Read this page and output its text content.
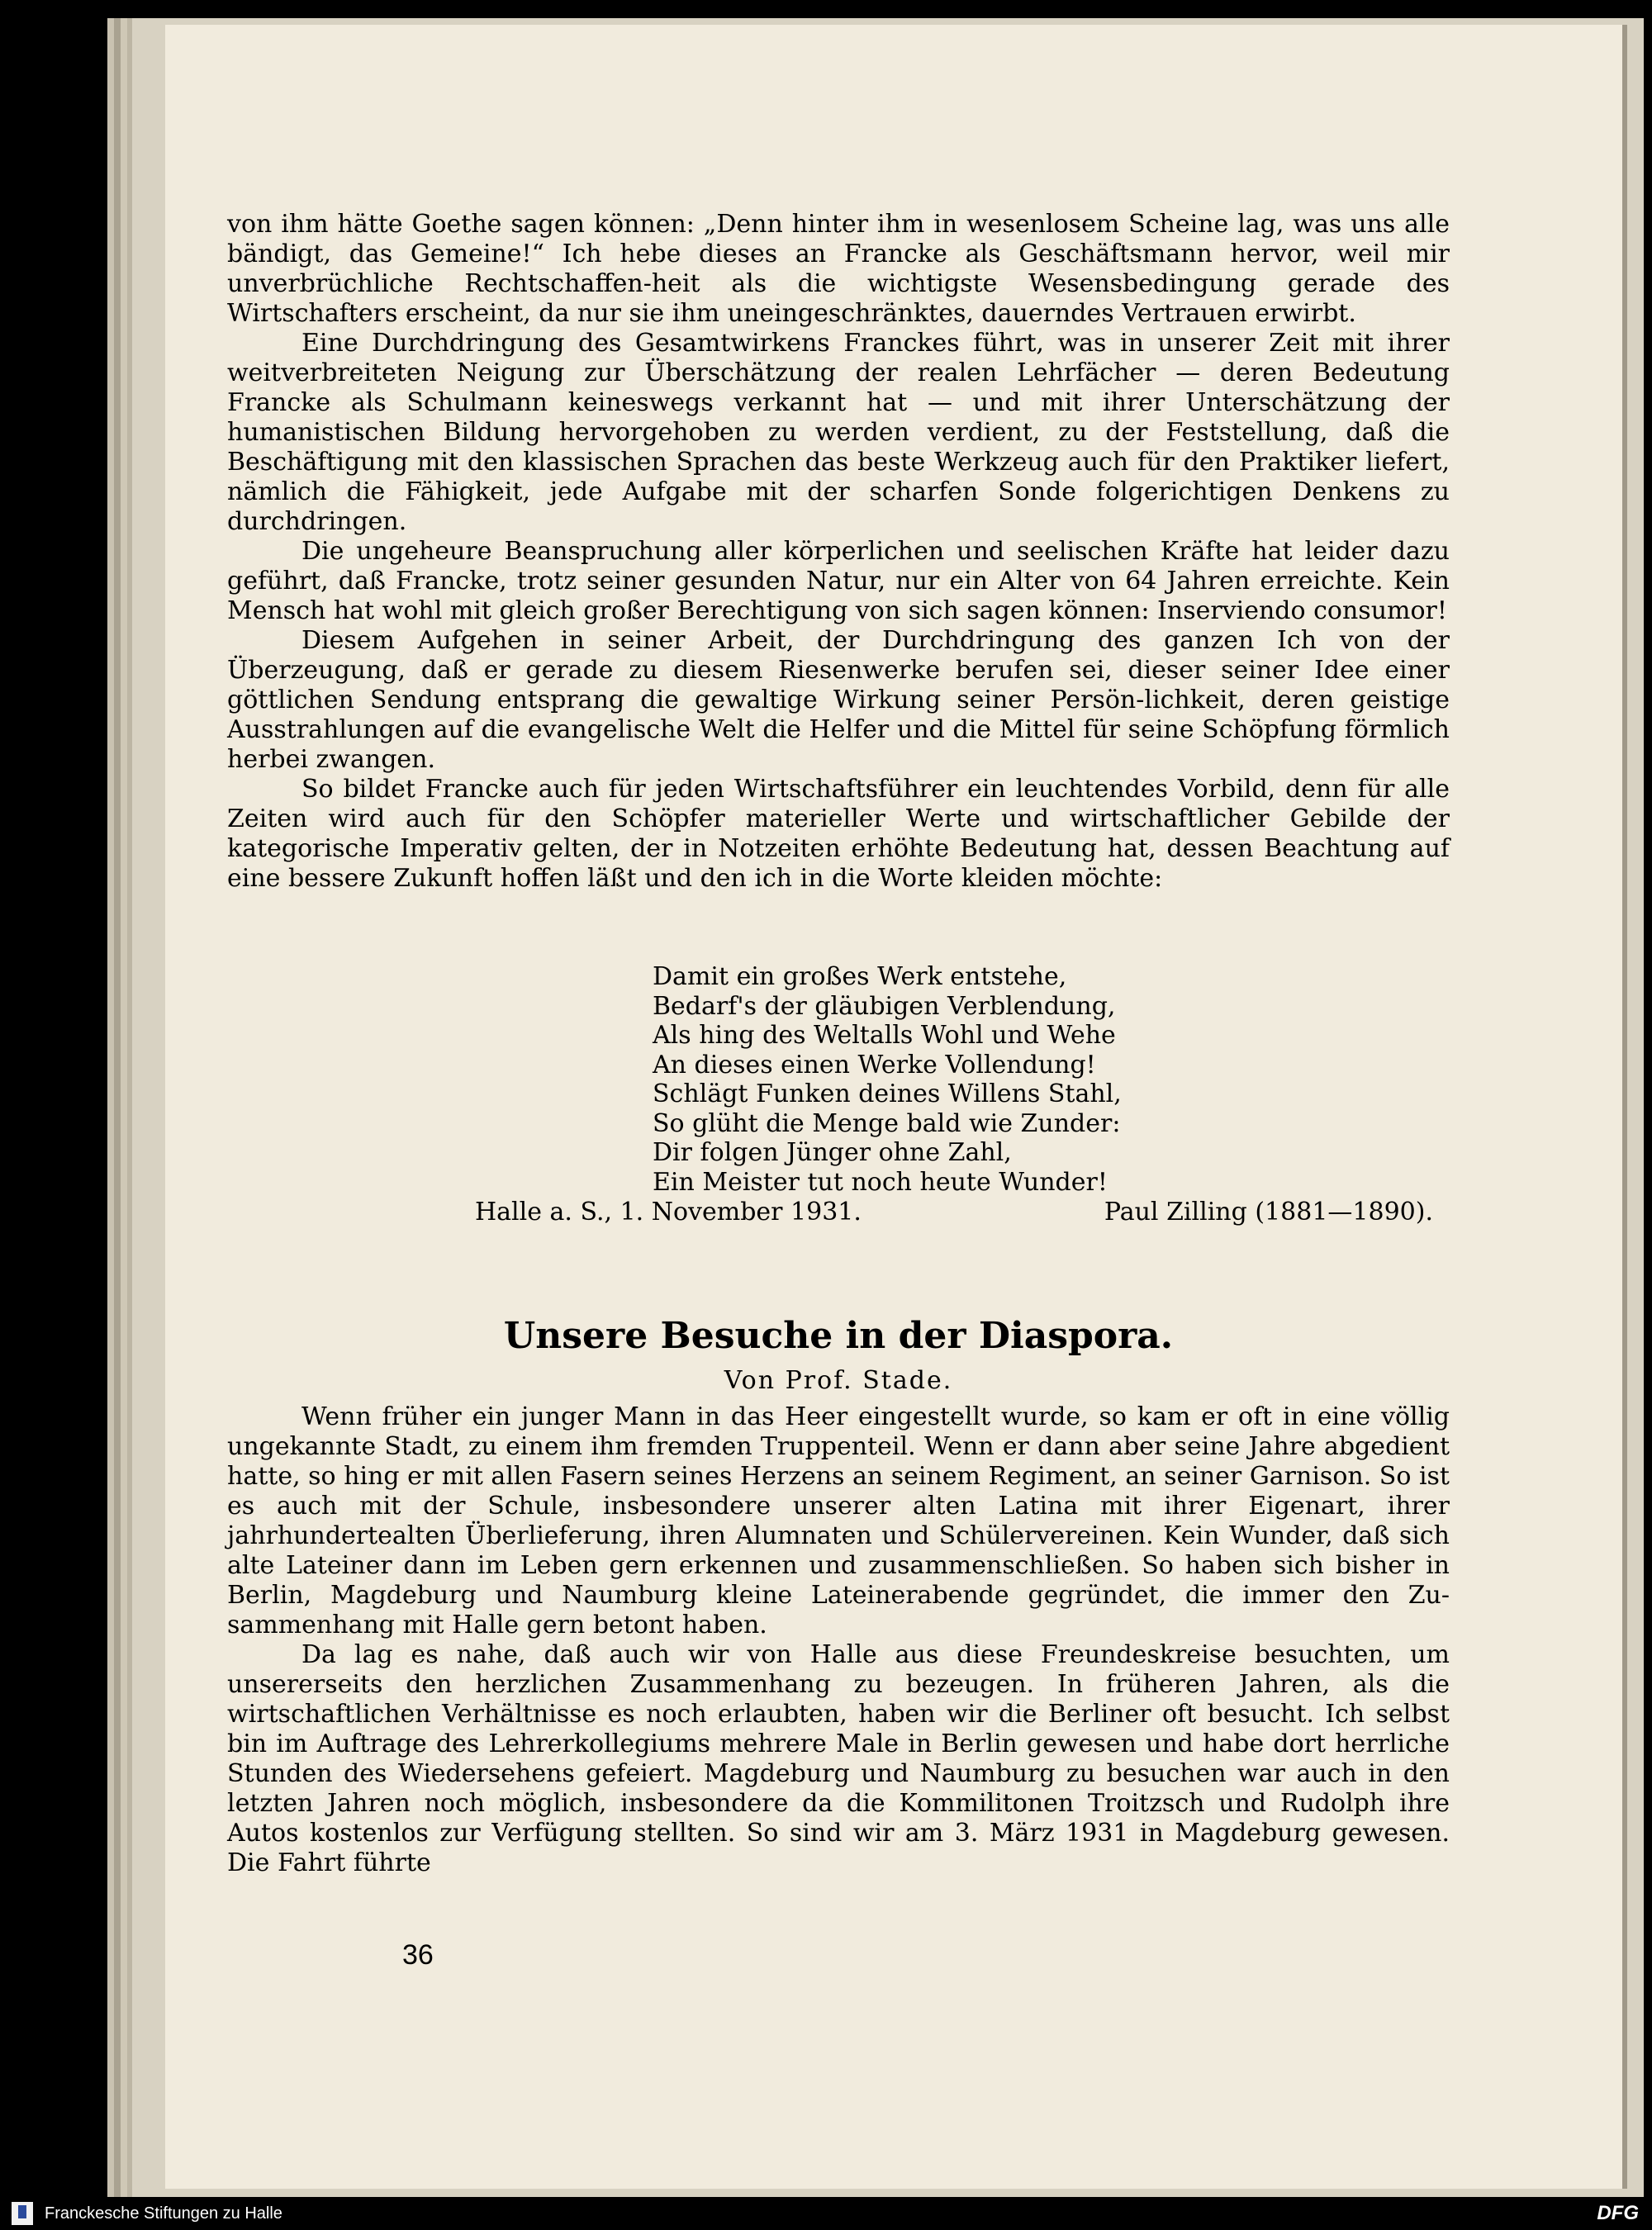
von ihm hätte Goethe sagen können: „Denn hinter ihm in wesenlosem Scheine lag, was uns alle bändigt, das Gemeine!“ Ich hebe dieses an Francke als Geschäftsmann hervor, weil mir unverbrüchliche Rechtschaffen-heit als die wichtigste Wesensbedingung gerade des Wirtschafters erscheint, da nur sie ihm uneingeschränktes, dauerndes Vertrauen erwirbt.

Eine Durchdringung des Gesamtwirkens Franckes führt, was in unserer Zeit mit ihrer weitverbreiteten Neigung zur Überschätzung der realen Lehrfächer — deren Bedeutung Francke als Schulmann keineswegs verkannt hat — und mit ihrer Unterschätzung der humanistischen Bildung hervorgehoben zu werden verdient, zu der Feststellung, daß die Beschäftigung mit den klassischen Sprachen das beste Werkzeug auch für den Praktiker liefert, nämlich die Fähigkeit, jede Aufgabe mit der scharfen Sonde folgerichtigen Denkens zu durchdringen.

Die ungeheure Beanspruchung aller körperlichen und seelischen Kräfte hat leider dazu geführt, daß Francke, trotz seiner gesunden Natur, nur ein Alter von 64 Jahren erreichte. Kein Mensch hat wohl mit gleich großer Berechtigung von sich sagen können: Inserviendo consumor!

Diesem Aufgehen in seiner Arbeit, der Durchdringung des ganzen Ich von der Überzeugung, daß er gerade zu diesem Riesenwerke berufen sei, dieser seiner Idee einer göttlichen Sendung entsprang die gewaltige Wirkung seiner Persön-lichkeit, deren geistige Ausstrahlungen auf die evangelische Welt die Helfer und die Mittel für seine Schöpfung förmlich herbei zwangen.

So bildet Francke auch für jeden Wirtschaftsführer ein leuchtendes Vorbild, denn für alle Zeiten wird auch für den Schöpfer materieller Werte und wirtschaftlicher Gebilde der kategorische Imperativ gelten, der in Notzeiten erhöhte Bedeutung hat, dessen Beachtung auf eine bessere Zukunft hoffen läßt und den ich in die Worte kleiden möchte:

Damit ein großes Werk entstehe,
Bedarf's der gläubigen Verblendung,
Als hing des Weltalls Wohl und Wehe
An dieses einen Werke Vollendung!
Schlägt Funken deines Willens Stahl,
So glüht die Menge bald wie Zunder:
Dir folgen Jünger ohne Zahl,
Ein Meister tut noch heute Wunder!
Halle a. S., 1. November 1931.	Paul Zilling (1881—1890).
Unsere Besuche in der Diaspora.
Von Prof. Stade.

Wenn früher ein junger Mann in das Heer eingestellt wurde, so kam er oft in eine völlig ungekannte Stadt, zu einem ihm fremden Truppenteil. Wenn er dann aber seine Jahre abgedient hatte, so hing er mit allen Fasern seines Herzens an seinem Regiment, an seiner Garnison. So ist es auch mit der Schule, insbesondere unserer alten Latina mit ihrer Eigenart, ihrer jahrhundertealten Überlieferung, ihren Alumnaten und Schülervereinen. Kein Wunder, daß sich alte Lateiner dann im Leben gern erkennen und zusammenschließen. So haben sich bisher in Berlin, Magdeburg und Naumburg kleine Lateinerabende gegründet, die immer den Zu-sammenhang mit Halle gern betont haben.

Da lag es nahe, daß auch wir von Halle aus diese Freundeskreise besuchten, um unsererseits den herzlichen Zusammenhang zu bezeugen. In früheren Jahren, als die wirtschaftlichen Verhältnisse es noch erlaubten, haben wir die Berliner oft besucht. Ich selbst bin im Auftrage des Lehrerkollegiums mehrere Male in Berlin gewesen und habe dort herrliche Stunden des Wiedersehens gefeiert. Magdeburg und Naumburg zu besuchen war auch in den letzten Jahren noch möglich, insbesondere da die Kommilitonen Troitzsch und Rudolph ihre Autos kostenlos zur Verfügung stellten. So sind wir am 3. März 1931 in Magdeburg gewesen. Die Fahrt führte

36
Franckesche Stiftungen zu Halle	DFG
